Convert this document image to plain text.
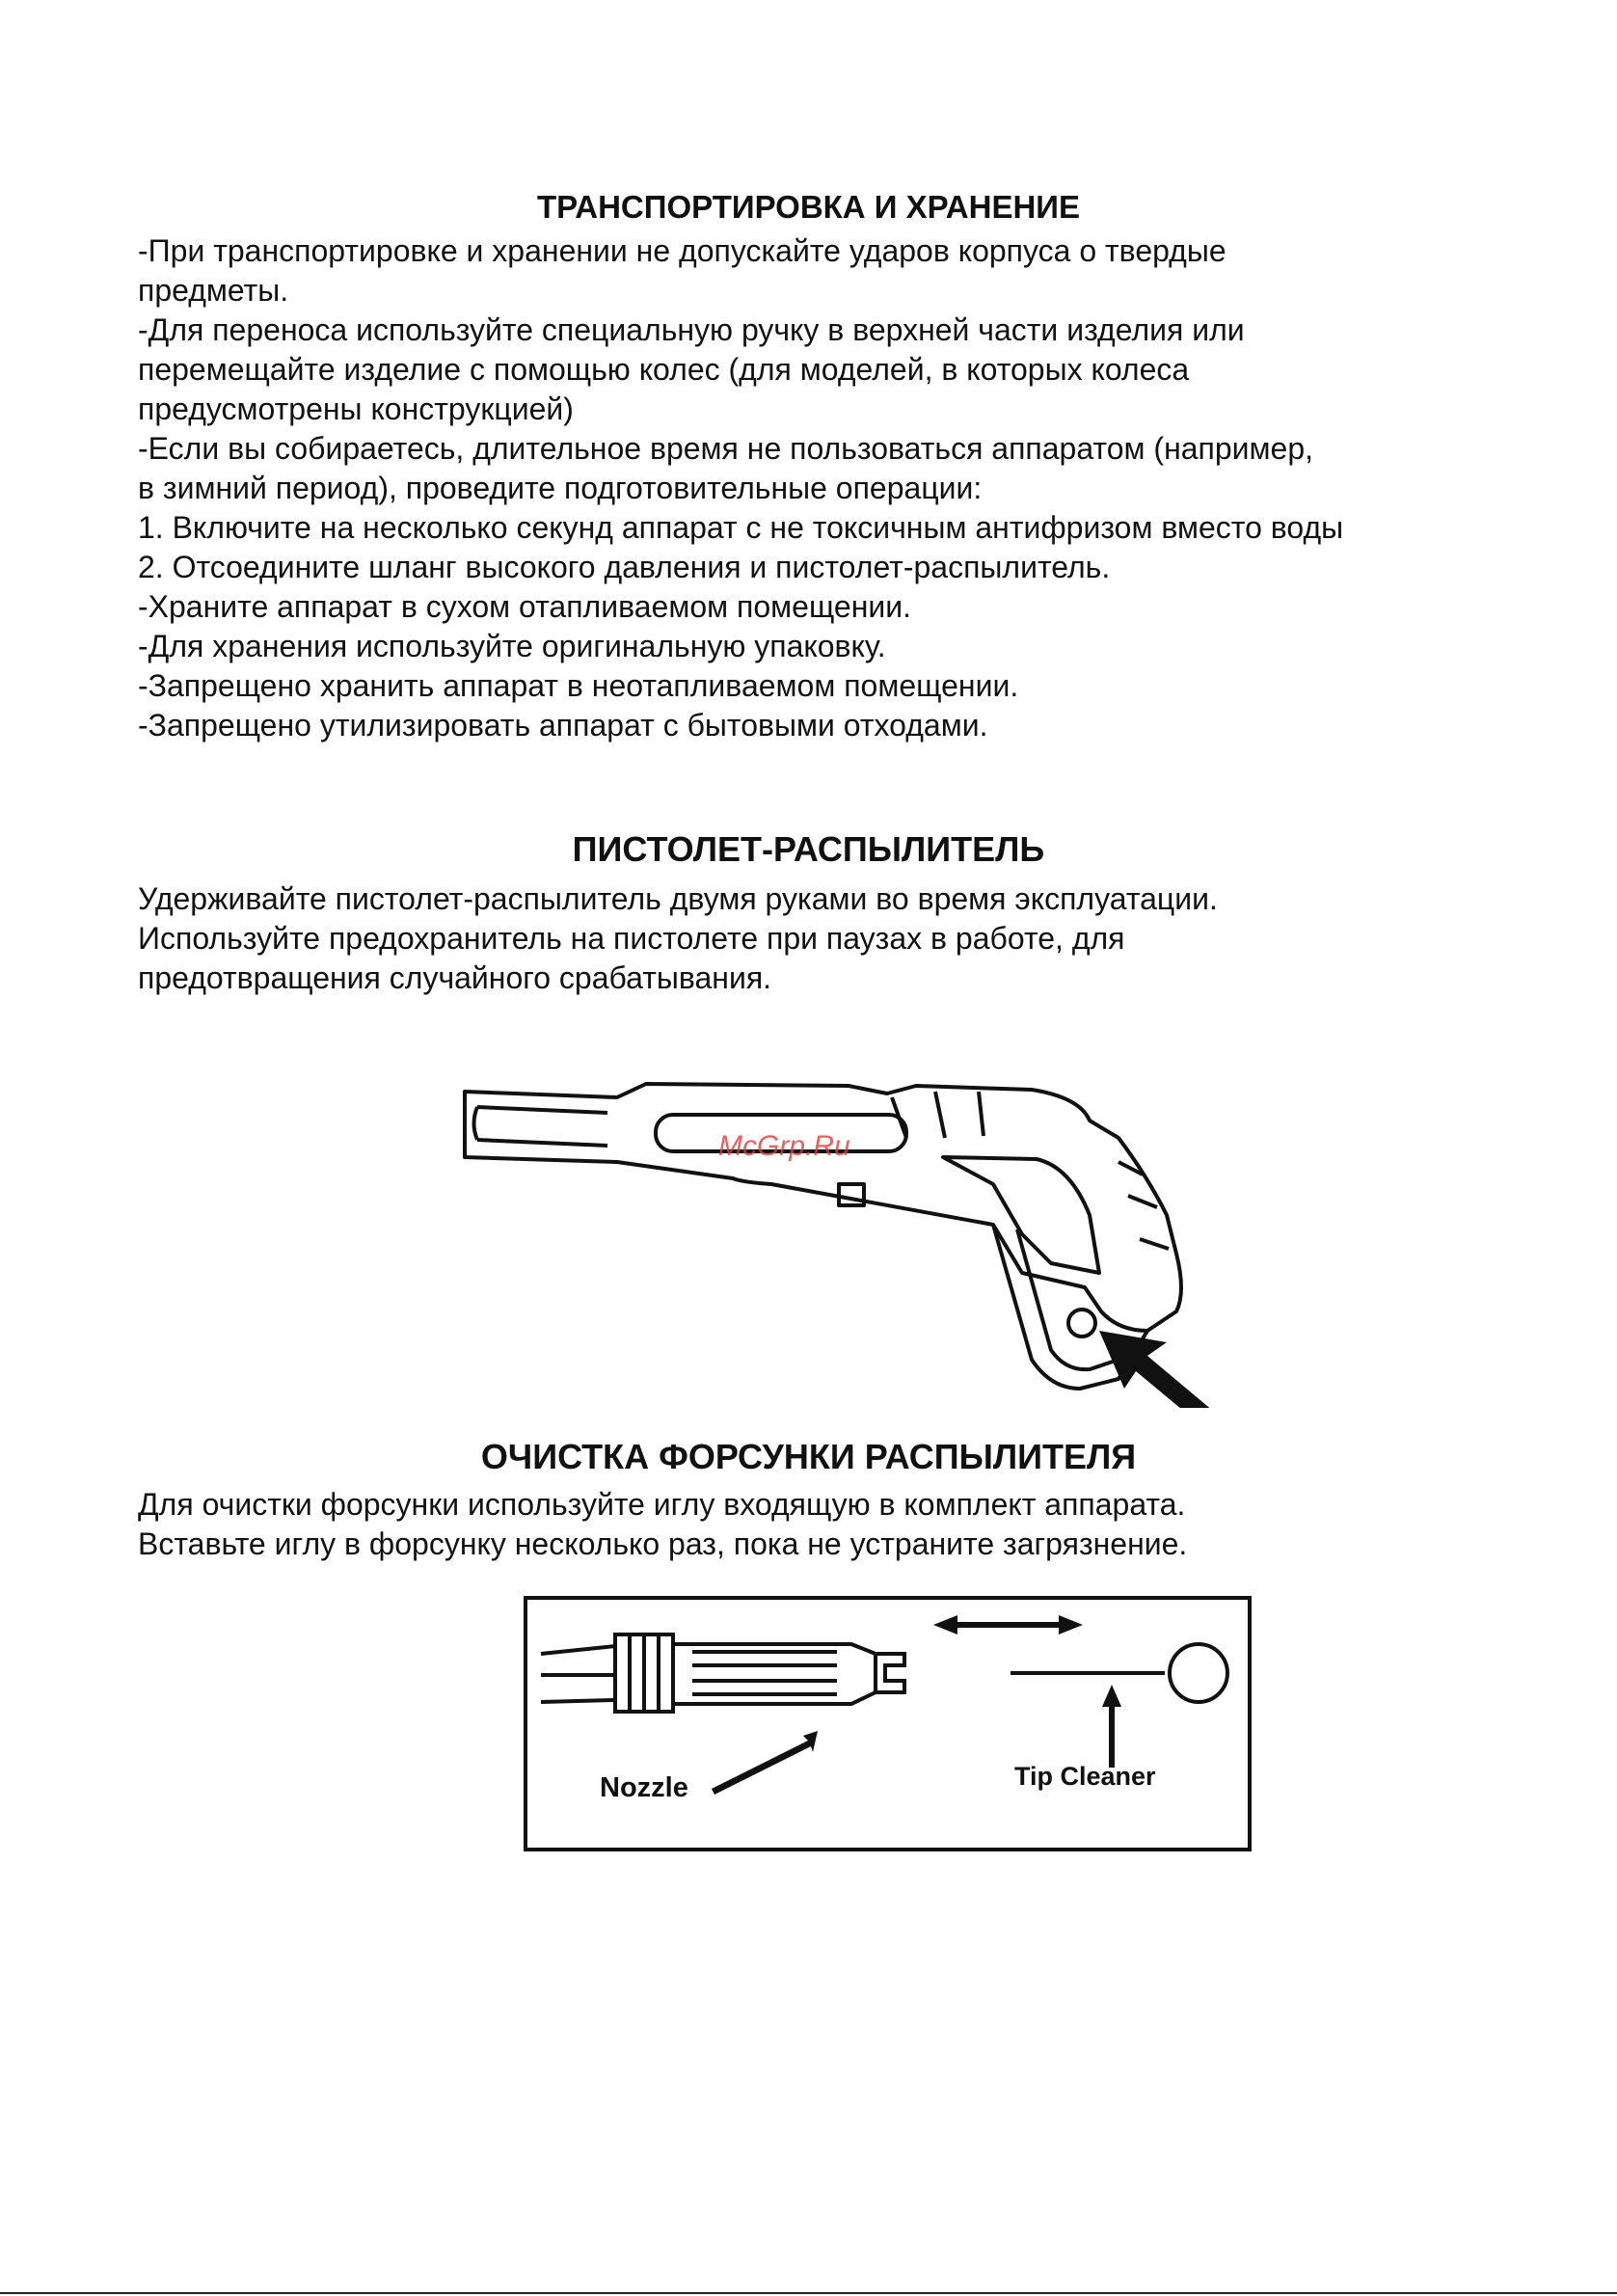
ТРАНСПОРТИРОВКА И ХРАНЕНИЕ

-При транспортировке и хранении не допускайте ударов корпуса о твердые

предметы.

-Для переноса используйте специальную ручку в верхней части изделия или

перемещайте изделие с помощью колес (для моделей, в которых колеса

предусмотрены конструкцией)

-Если вы собираетесь, длительное время не пользоваться аппаратом (например,

в зимний период), проведите подготовительные операции:

1. Включите на несколько секунд аппарат с не токсичным антифризом вместо воды

2. Отсоедините шланг высокого давления и пистолет-распылитель.

-Храните аппарат в сухом отапливаемом помещении.

-Для хранения используйте оригинальную упаковку.

-Запрещено хранить аппарат в неотапливаемом помещении.

-Запрещено утилизировать аппарат с бытовыми отходами.

ПИСТОЛЕТ-РАСПЫЛИТЕЛЬ

Удерживайте пистолет-распылитель двумя руками во время эксплуатации.

Используйте предохранитель на пистолете при паузах в работе, для

предотвращения случайного срабатывания.

McGrp.Ru
ОЧИСТКА ФОРСУНКИ РАСПЫЛИТЕЛЯ

Для очистки форсунки используйте иглу входящую в комплект аппарата.

Вставьте иглу в форсунку несколько раз, пока не устраните загрязнение.

Nozzle	Tip Cleaner
